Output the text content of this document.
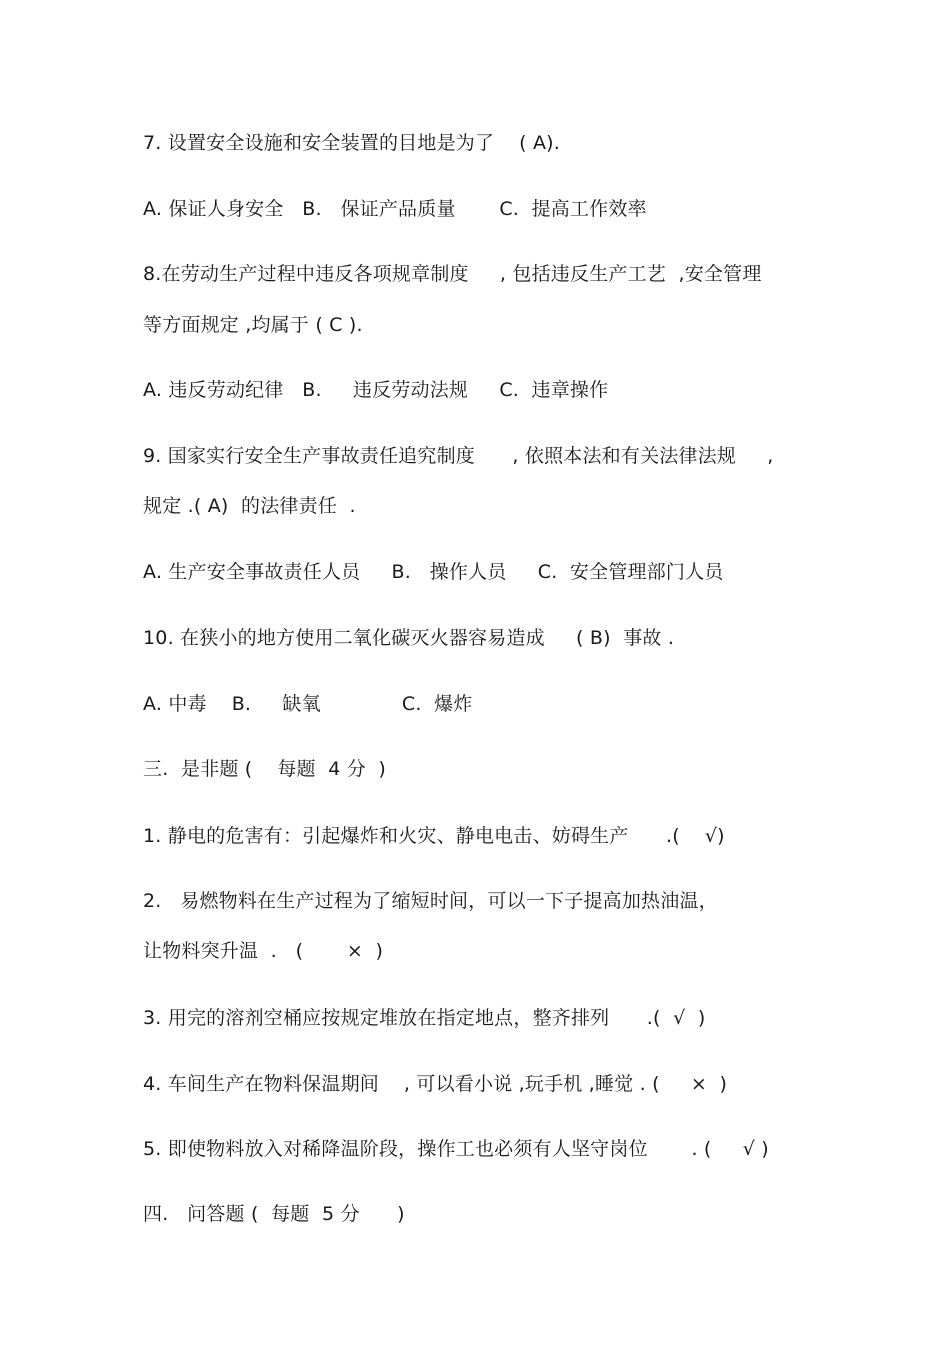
7. 设置安全设施和安全装置的目地是为了    ( A).
A. 保证人身安全   B.   保证产品质量       C.  提高工作效率
8.在劳动生产过程中违反各项规章制度     , 包括违反生产工艺  ,安全管理
等方面规定 ,均属于 ( C ).
A. 违反劳动纪律   B.     违反劳动法规     C.  违章操作
9. 国家实行安全生产事故责任追究制度      , 依照本法和有关法律法规     ,
规定 .( A)  的法律责任  .
A. 生产安全事故责任人员     B.   操作人员     C.  安全管理部门人员
10. 在狭小的地方使用二氧化碳灭火器容易造成     ( B)  事故 .
A. 中毒    B.     缺氧             C.  爆炸
三.  是非题 (    每题  4 分  )
1. 静电的危害有：引起爆炸和火灾、静电电击、妨碍生产      .(    √)
2.   易燃物料在生产过程为了缩短时间，可以一下子提高加热油温，
让物料突升温  .   (       ×  )
3. 用完的溶剂空桶应按规定堆放在指定地点，整齐排列      .(  √  )
4. 车间生产在物料保温期间    , 可以看小说 ,玩手机 ,睡觉 . (     ×  )
5. 即使物料放入对稀降温阶段，操作工也必须有人坚守岗位       . (     √ )
四.   问答题 (  每题  5 分      )
